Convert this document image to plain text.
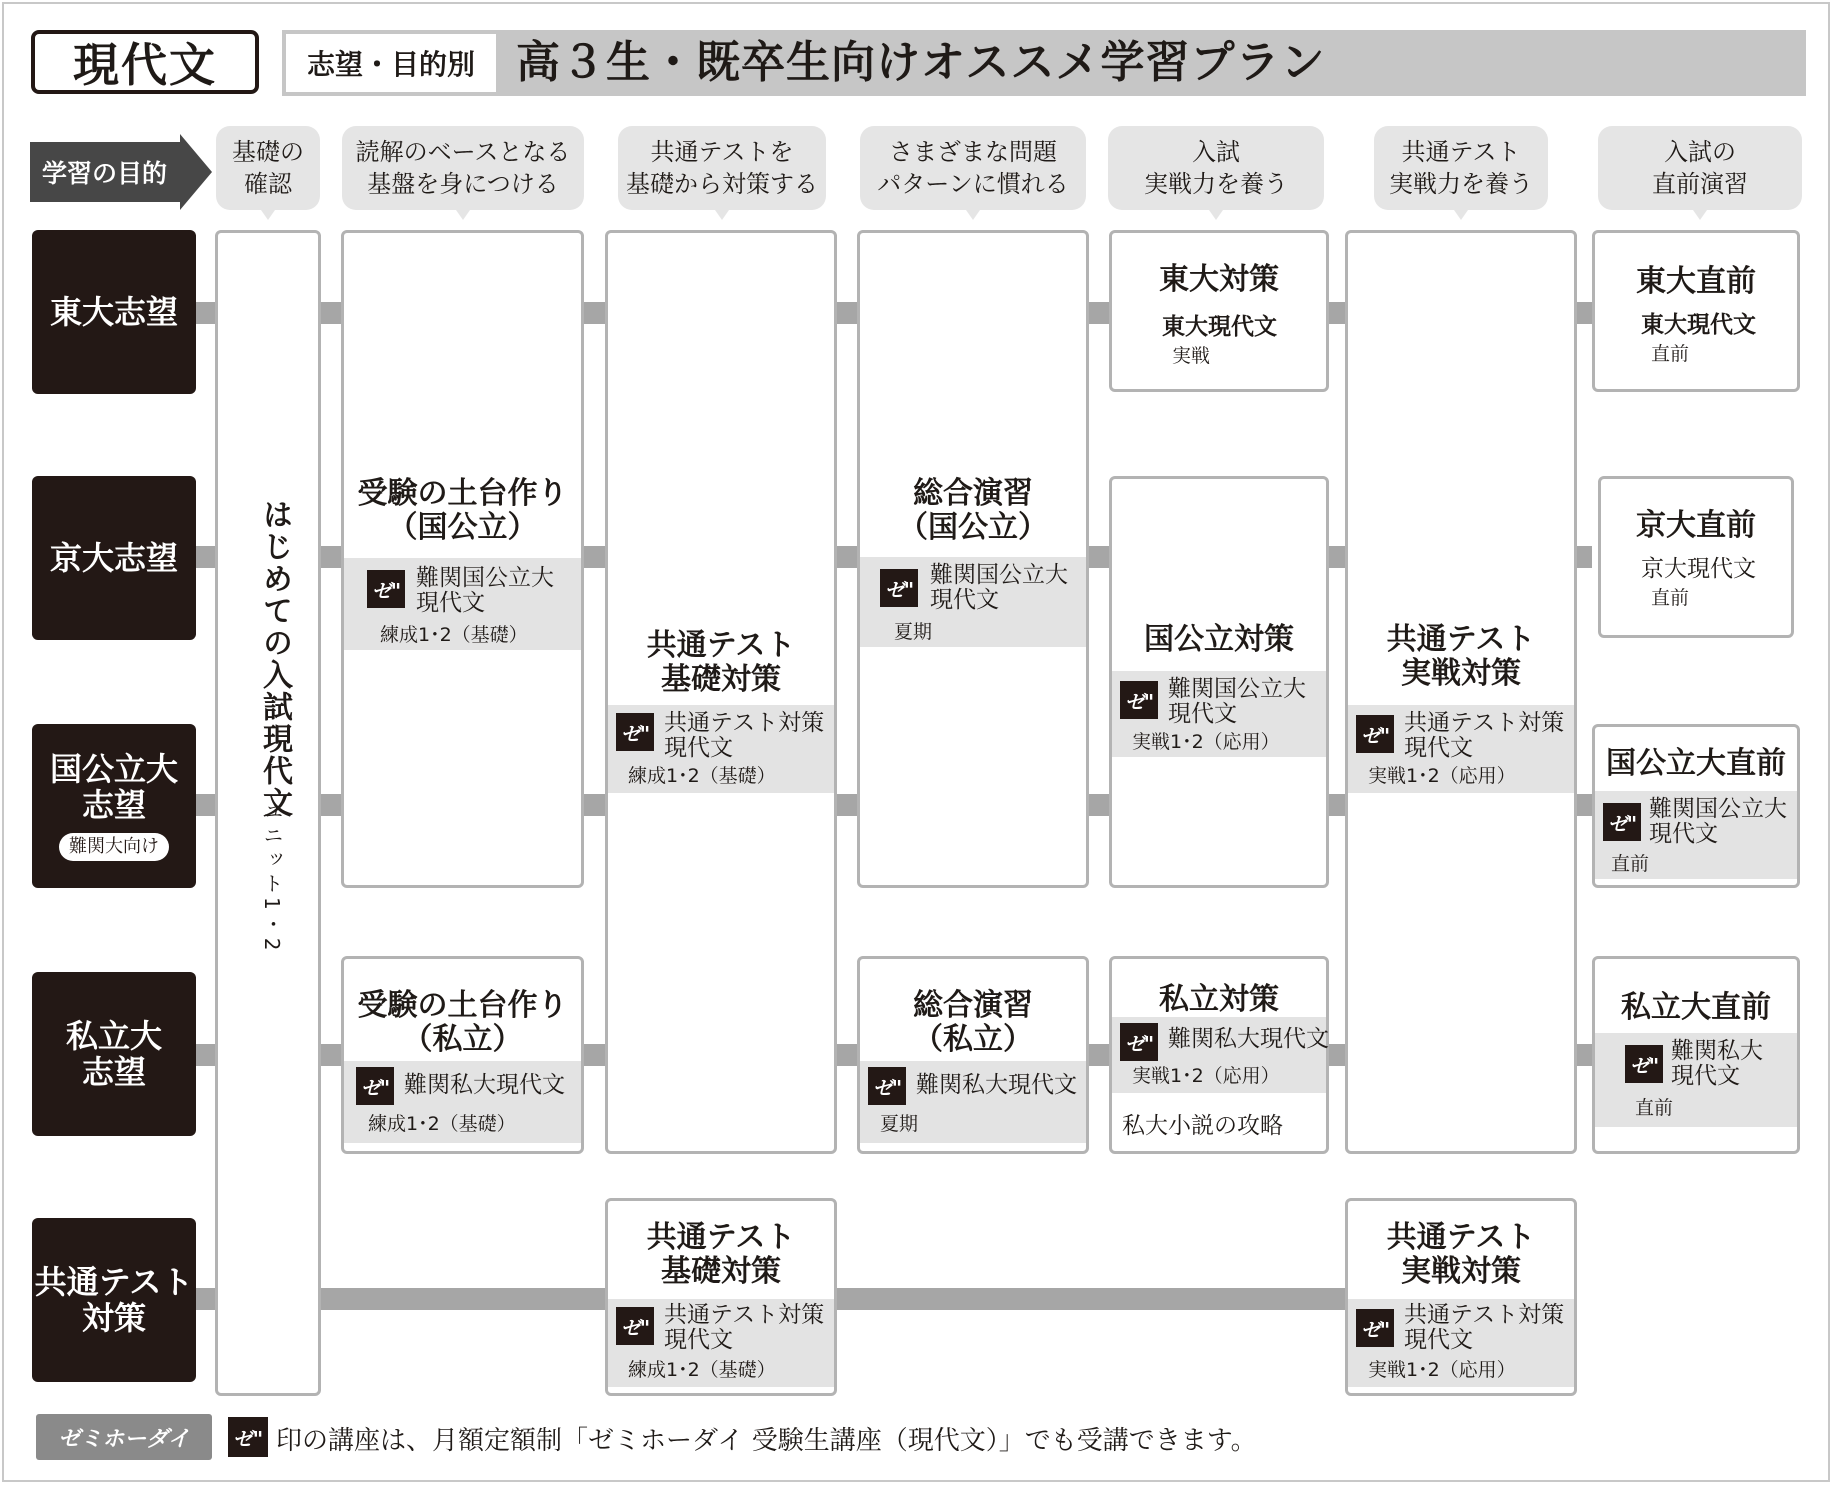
現代文	志望・目的別 高３生・既卒生向けオススメ学習プラン
学習の目的
基礎の
確認
読解のベースとなる
基盤を身につける
共通テストを
基礎から対策する
さまざまな問題
パターンに慣れる
入試
実戦力を養う
共通テスト
実戦力を養う
入試の
直前演習
東大志望
京大志望
国公立大
志望
難関大向け
私立大
志望
共通テスト
対策
はじめての入試現代文
ユニット1・2
受験の土台作り
（国公立）
ゼ" 難関国公立大
現代文
練成1･2（基礎）
受験の土台作り
（私立）
ゼ" 難関私大現代文
練成1･2（基礎）
共通テスト
基礎対策
ゼ" 共通テスト対策
現代文
練成1･2（基礎）
共通テスト
基礎対策
ゼ" 共通テスト対策
現代文
練成1･2（基礎）
総合演習
（国公立）
ゼ"
難関国公立大
現代文
夏期
総合演習
（私立）
ゼ" 難関私大現代文
夏期
東大対策
東大現代文
実戦
国公立対策
ゼ" 難関国公立大
現代文
実戦1･2（応用）
私立対策
ゼ" 難関私大現代文
実戦1･2（応用）
私大小説の攻略
共通テスト
実戦対策
ゼ" 共通テスト対策
現代文
実戦1･2（応用）
共通テスト
実戦対策
ゼ"
共通テスト対策
現代文
実戦1･2（応用）
東大直前
東大現代文
直前
京大直前
京大現代文
直前
国公立大直前
ゼ"
難関国公立大
現代文
直前
私立大直前
ゼ"
難関私大
現代文
直前
ゼミホーダイ	ゼ" 印の講座は、月額定額制「ゼミホーダイ 受験生講座（現代文）」でも受講できます。
